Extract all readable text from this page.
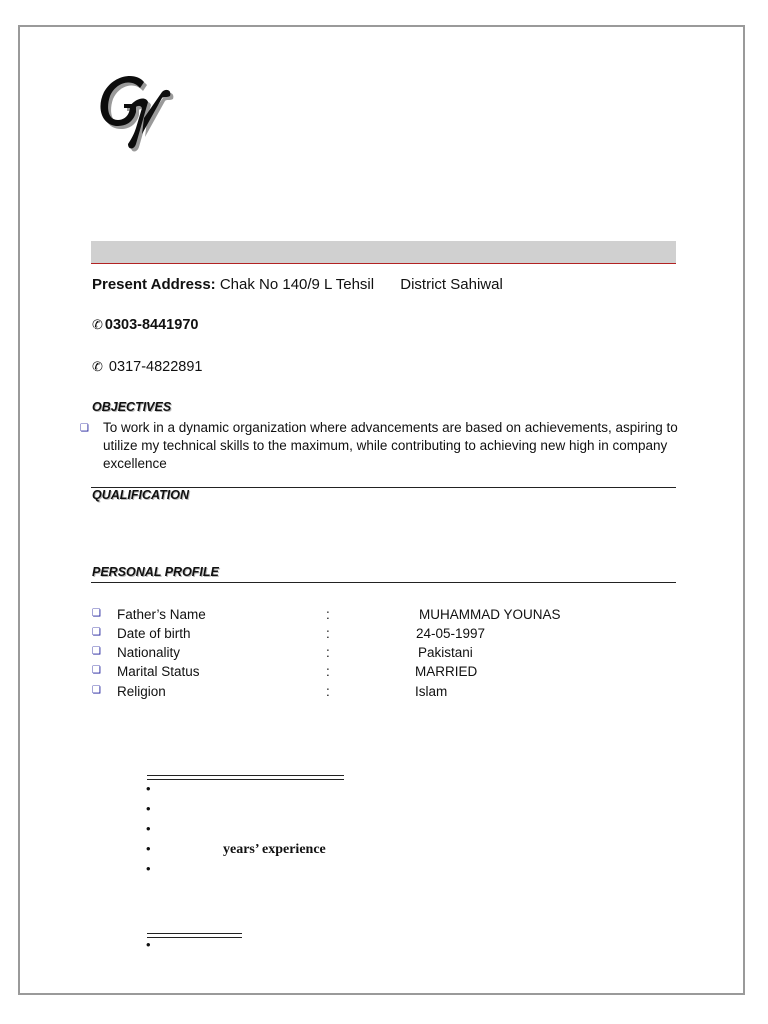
Present Address: Chak No 140/9 L Tehsil District Sahiwal
✆ 0303-8441970
✆ 0317-4822891
OBJECTIVES
❏ To work in a dynamic organization where advancements are based on achievements, aspiring to utilize my technical skills to the maximum, while contributing to achieving new high in company excellence
QUALIFICATION
PERSONAL PROFILE
❏ Father’s Name	:	MUHAMMAD YOUNAS
❏ Date of birth	:	24-05-1997
❏ Nationality	:	Pakistani
❏ Marital Status	:	MARRIED
❏ Religion	:	Islam
•
•
•
•	years’ experience
•
•
